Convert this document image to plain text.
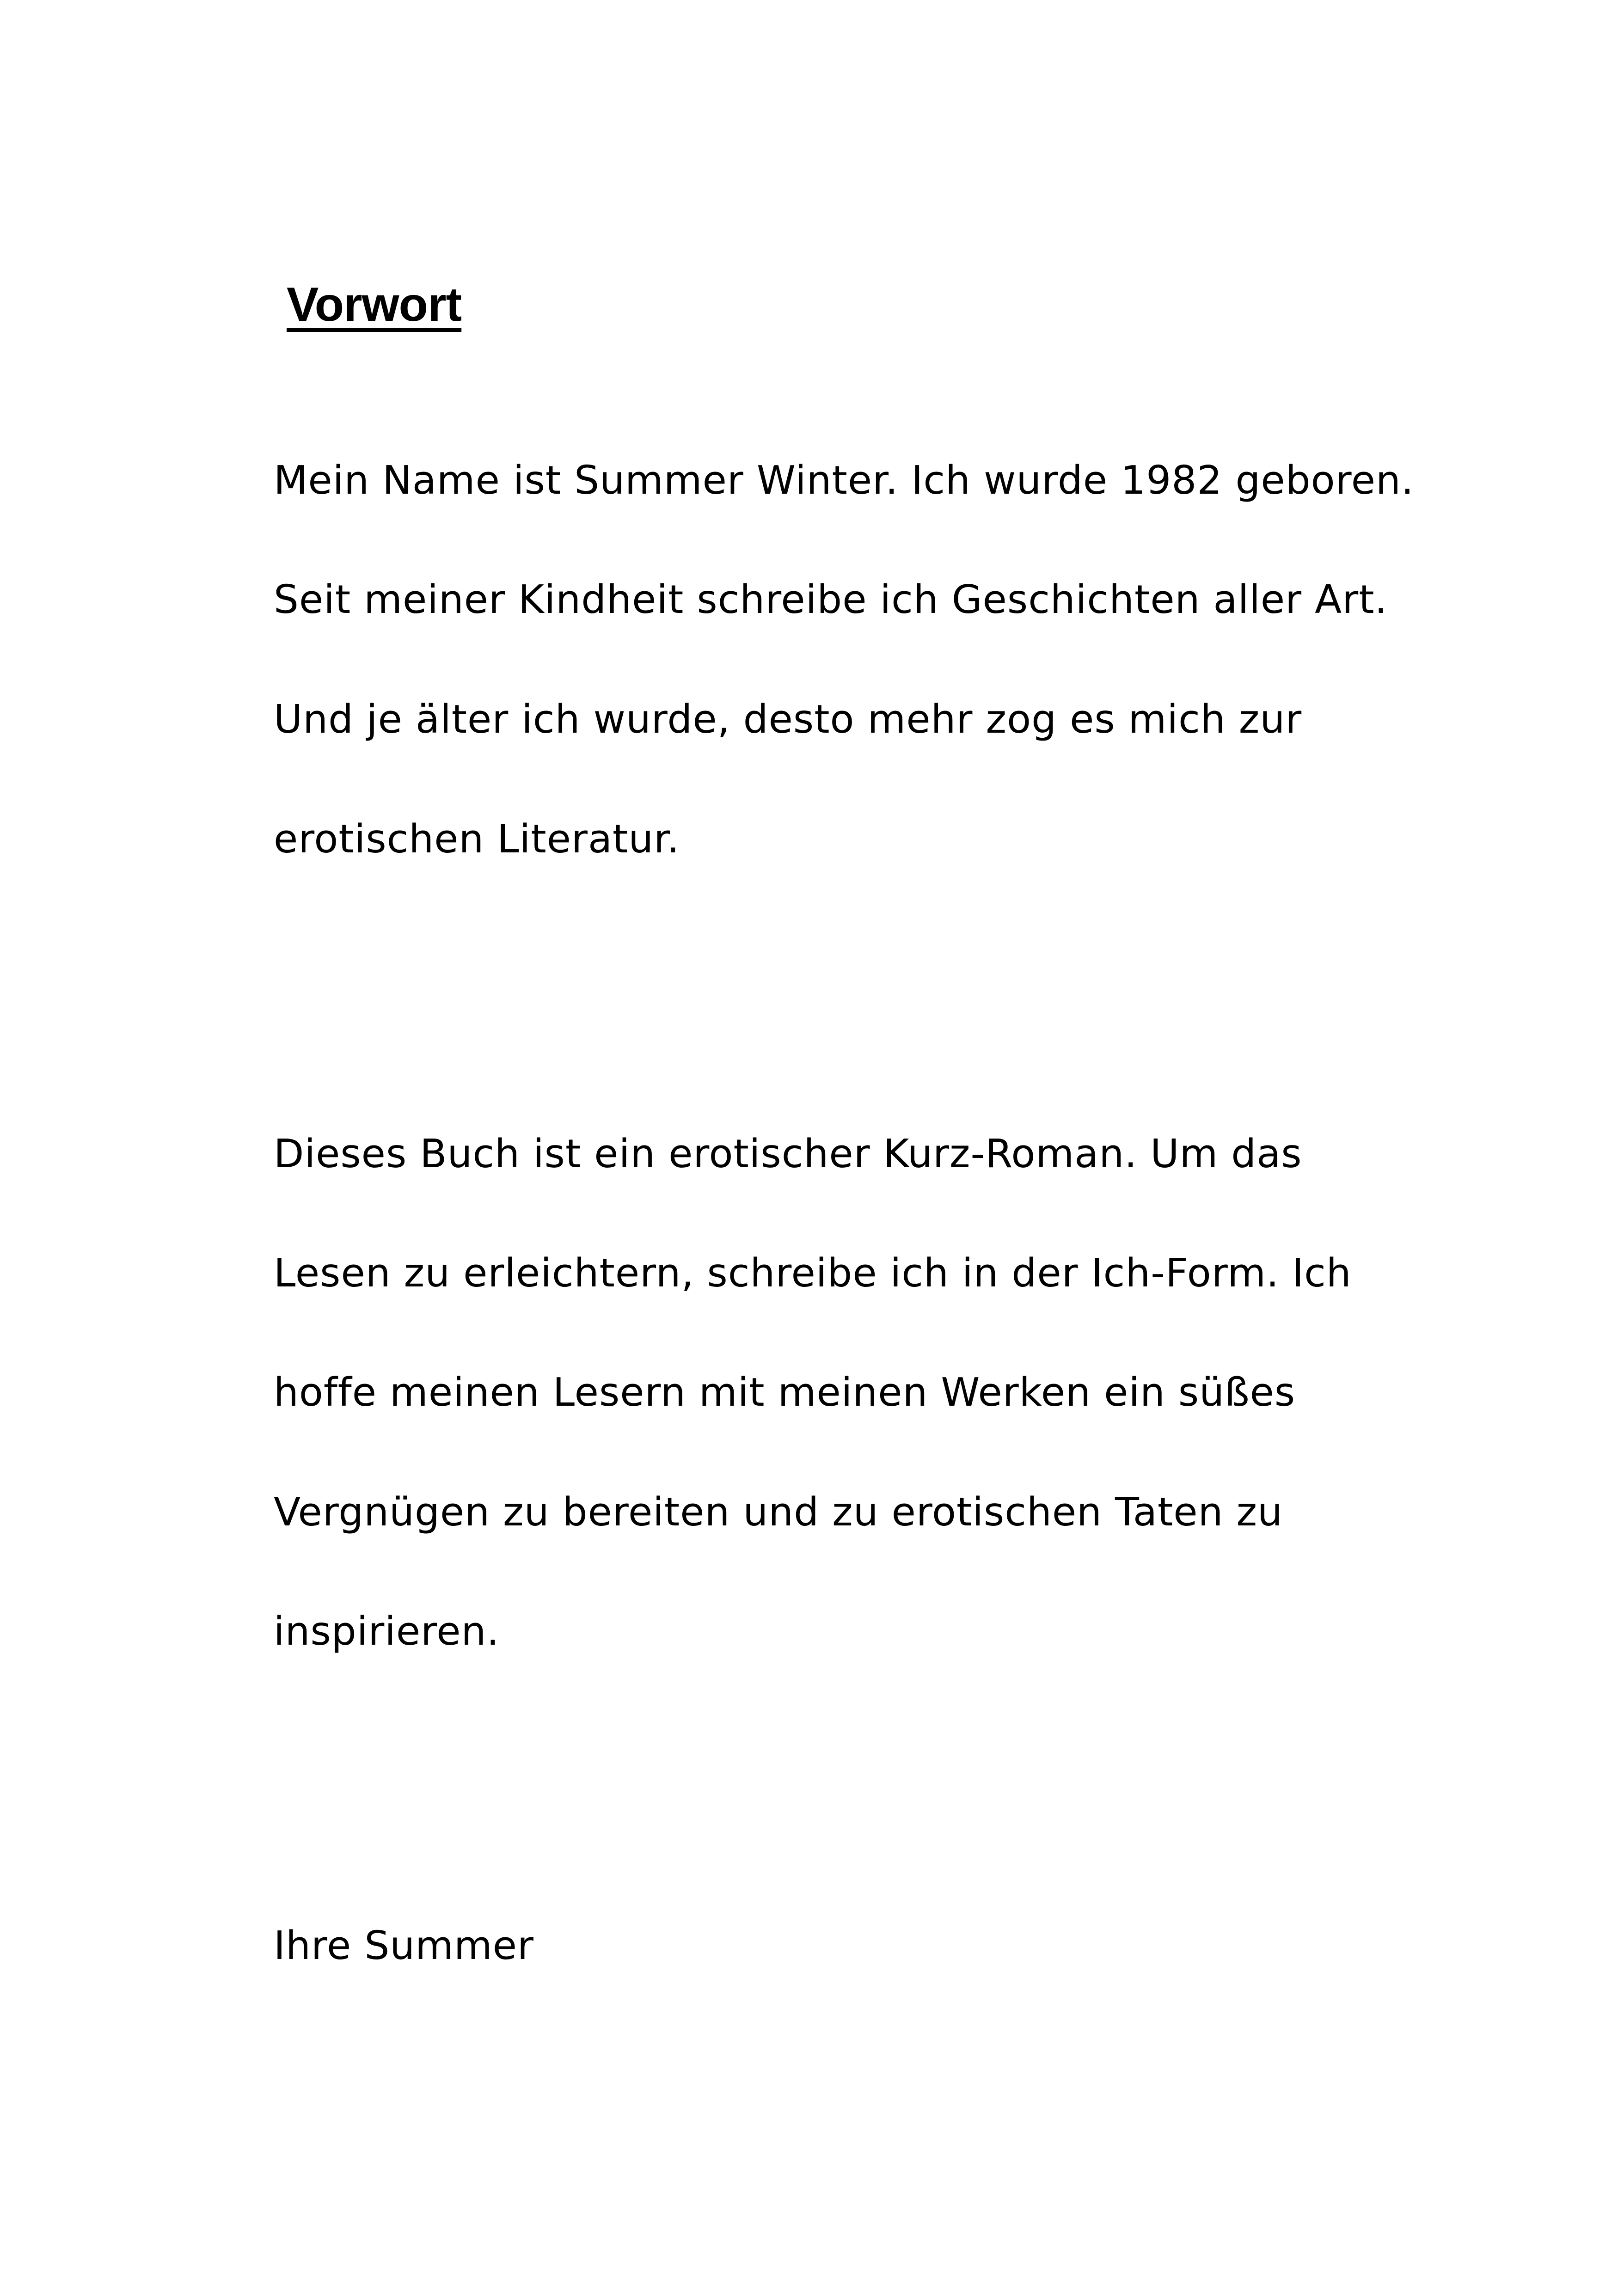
Vorwort

Mein Name ist Summer Winter. Ich wurde 1982 geboren.

Seit meiner Kindheit schreibe ich Geschichten aller Art.

Und je älter ich wurde, desto mehr zog es mich zur

erotischen Literatur.

Dieses Buch ist ein erotischer Kurz-Roman. Um das

Lesen zu erleichtern, schreibe ich in der Ich-Form. Ich

hoffe meinen Lesern mit meinen Werken ein süßes

Vergnügen zu bereiten und zu erotischen Taten zu

inspirieren.

Ihre Summer
